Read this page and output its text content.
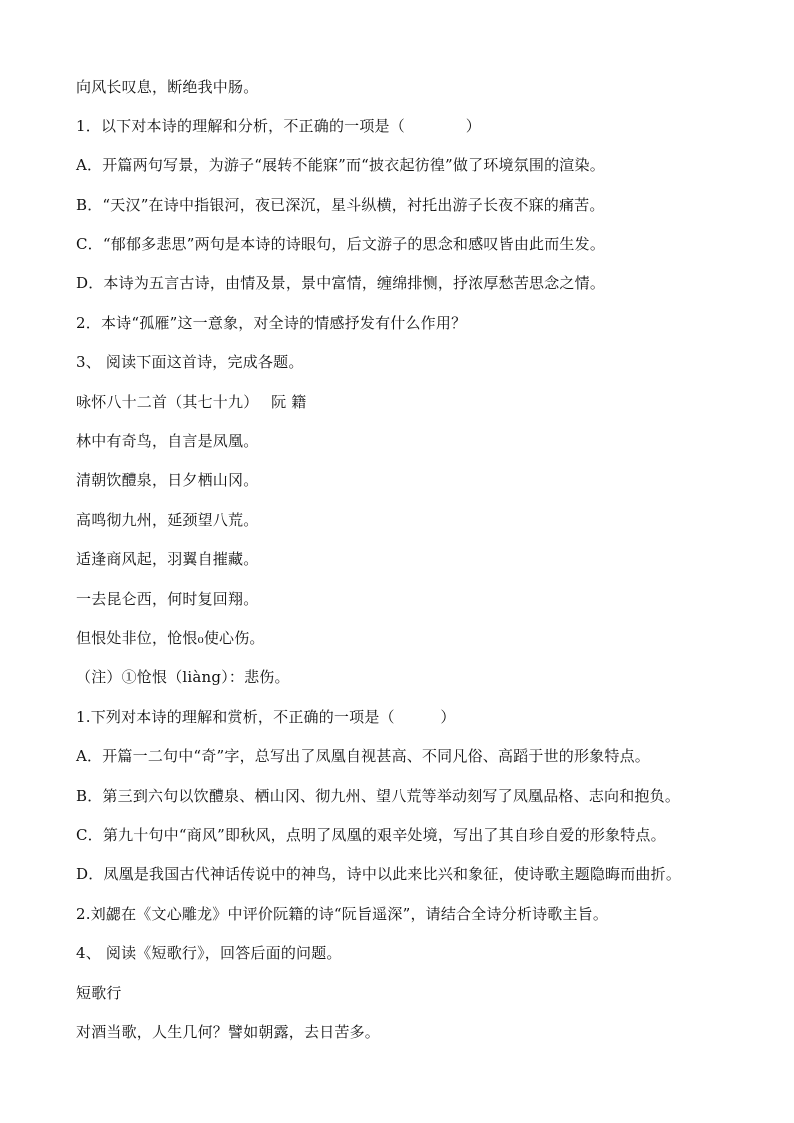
向风长叹息，断绝我中肠。
1．以下对本诗的理解和分析，不正确的一项是（　　　　）
A．开篇两句写景，为游子“展转不能寐”而“披衣起彷徨”做了环境氛围的渲染。
B．“天汉”在诗中指银河，夜已深沉，星斗纵横，衬托出游子长夜不寐的痛苦。
C．“郁郁多悲思”两句是本诗的诗眼句，后文游子的思念和感叹皆由此而生发。
D．本诗为五言古诗，由情及景，景中富情，缠绵排恻，抒浓厚愁苦思念之情。
2．本诗“孤雁”这一意象，对全诗的情感抒发有什么作用？
3、 阅读下面这首诗，完成各题。
咏怀八十二首（其七十九）　 阮 籍
林中有奇鸟，自言是凤凰。
清朝饮醴泉，日夕栖山冈。
高鸣彻九州，延颈望八荒。
适逢商风起，羽翼自摧藏。
一去昆仑西，何时复回翔。
但恨处非位，怆恨₀使心伤。
（注）①怆恨（liàng）：悲伤。
1.下列对本诗的理解和赏析，不正确的一项是（　　　）
A．开篇一二句中“奇”字，总写出了凤凰自视甚高、不同凡俗、高蹈于世的形象特点。
B．第三到六句以饮醴泉、栖山冈、彻九州、望八荒等举动刻写了凤凰品格、志向和抱负。
C．第九十句中“商风”即秋风，点明了凤凰的艰辛处境，写出了其自珍自爱的形象特点。
D．凤凰是我国古代神话传说中的神鸟，诗中以此来比兴和象征，使诗歌主题隐晦而曲折。
2.刘勰在《文心雕龙》中评价阮籍的诗“阮旨遥深”，请结合全诗分析诗歌主旨。
4、 阅读《短歌行》，回答后面的问题。
短歌行
对酒当歌，人生几何？譬如朝露，去日苦多。
